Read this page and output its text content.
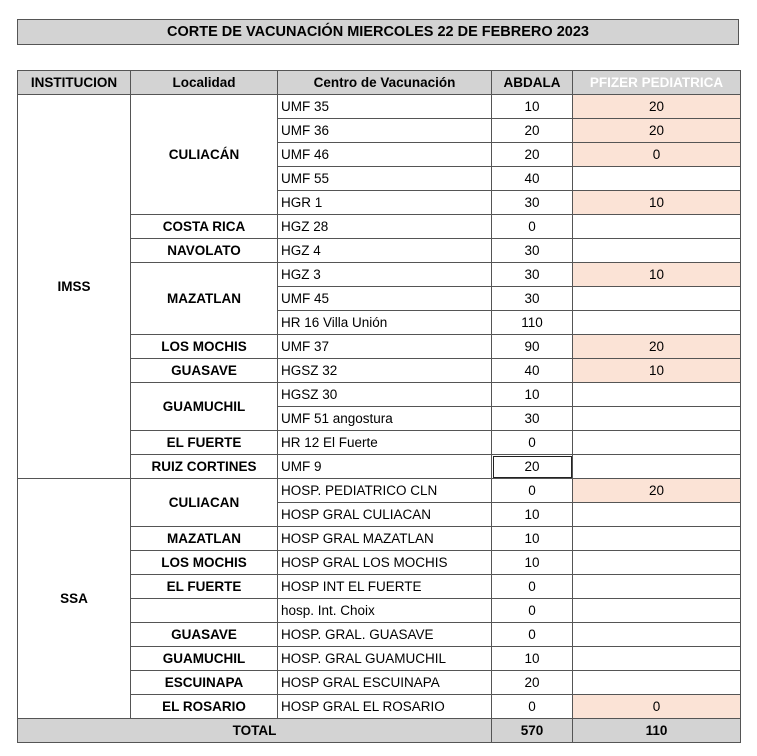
CORTE DE VACUNACIÓN MIERCOLES 22 DE FEBRERO 2023
INSTITUCION	Localidad	Centro de Vacunación	ABDALA	PFIZER PEDIATRICA
IMSS	CULIACÁN	UMF 35	10	20
		UMF 36	20	20
		UMF 46	20	0
		UMF 55	40	
		HGR 1	30	10
	COSTA RICA	HGZ 28	0	
	NAVOLATO	HGZ 4	30	
	MAZATLAN	HGZ 3	30	10
		UMF 45	30	
		HR 16 Villa Unión	110	
	LOS MOCHIS	UMF 37	90	20
	GUASAVE	HGSZ 32	40	10
	GUAMUCHIL	HGSZ 30	10	
		UMF 51 angostura	30	
	EL FUERTE	HR 12 El Fuerte	0	
	RUIZ CORTINES	UMF 9	20	
SSA	CULIACAN	HOSP. PEDIATRICO CLN	0	20
		HOSP GRAL CULIACAN	10	
	MAZATLAN	HOSP GRAL MAZATLAN	10	
	LOS MOCHIS	HOSP GRAL LOS MOCHIS	10	
	EL FUERTE	HOSP INT EL FUERTE	0	
		hosp. Int. Choix	0	
	GUASAVE	HOSP. GRAL. GUASAVE	0	
	GUAMUCHIL	HOSP. GRAL GUAMUCHIL	10	
	ESCUINAPA	HOSP GRAL ESCUINAPA	20	
	EL ROSARIO	HOSP GRAL EL ROSARIO	0	0
TOTAL			570	110
